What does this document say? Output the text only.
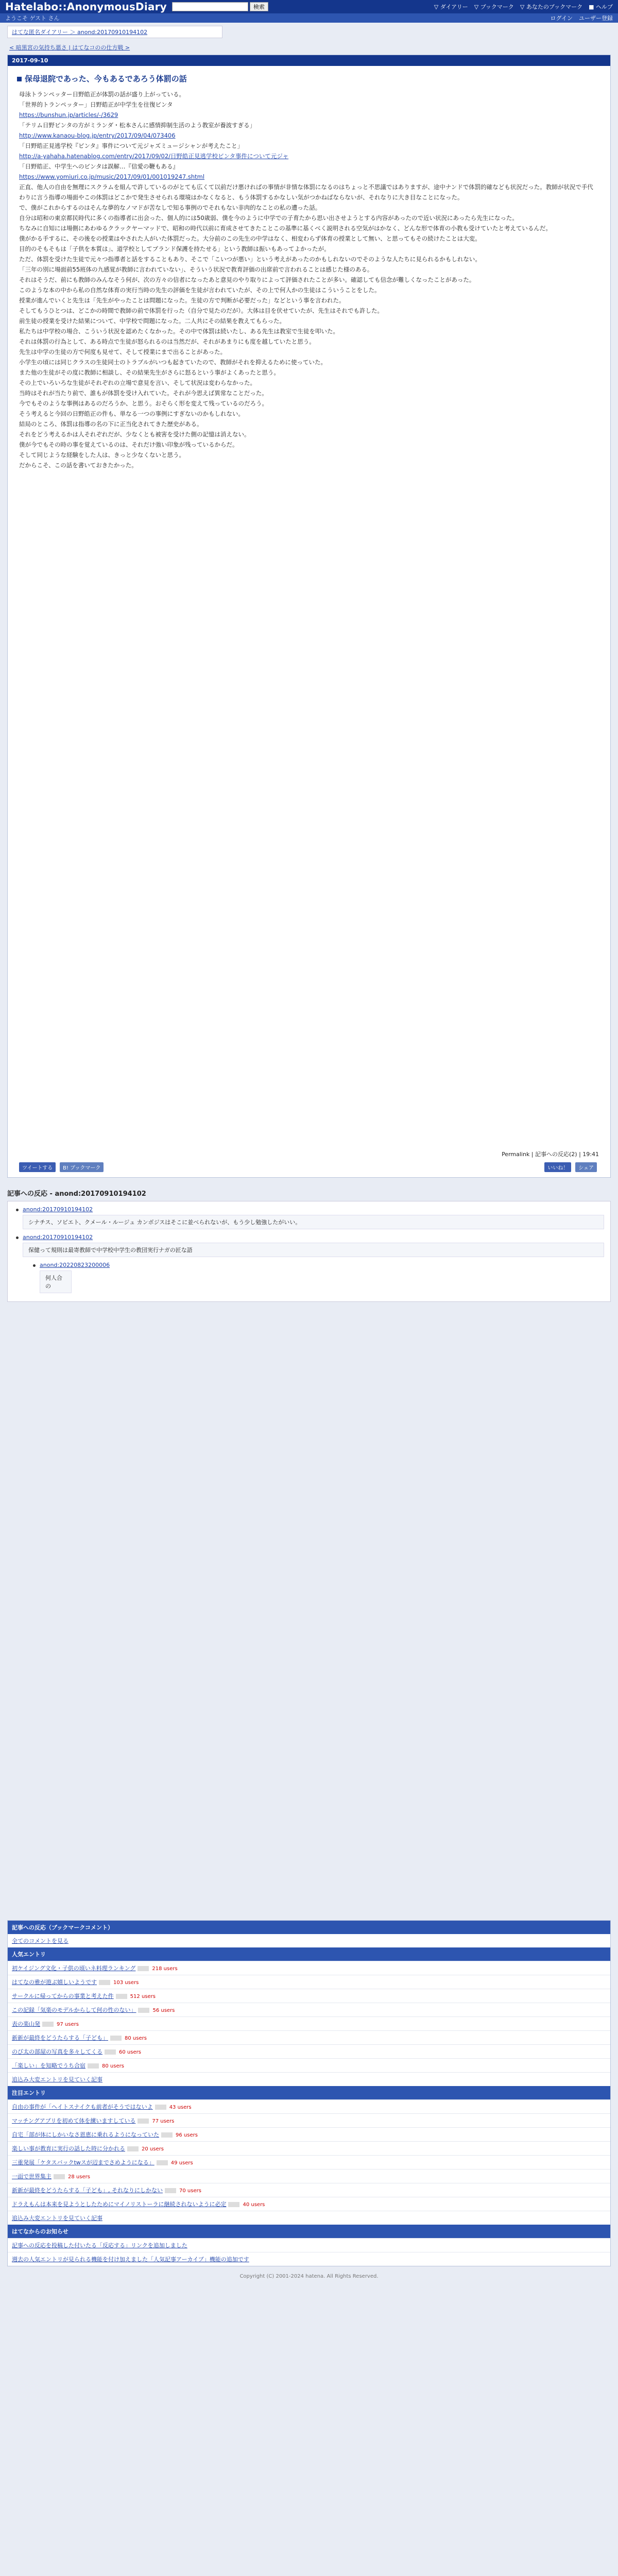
Hatelabo::AnonymousDiary	検索	▽ ダイアリー ▽ ブックマーク ▽ あなたのブックマーク ■ ヘルプ
ようこそ ゲスト さん	ログイン ユーザー登録
はてな匿名ダイアリー ＞ anond:20170910194102
< 暗黒宮の気持ち悪さ | はてなコのの仕方戦 >
2017-09-10
保母退院であった、今もあるであろう体罰の話

母泳トランペッター日野皓正が体罰の話が盛り上がっている。

「世界的トランペッター」日野皓正が中学生を往復ビンタ

https://bunshun.jp/articles/-/3629

「テリム日野ビンタの方がミランダ・松本さんに感情抑制生活のよう教室が養波すぎる」

http://www.kanaou-blog.jp/entry/2017/09/04/073406

「日野皓正見逃学校『ビンタ』事件について元ジャズミュージシャンが考えたこと」

http://a-yahaha.hatenablog.com/entry/2017/09/02/日野皓正見逃学校ビンタ事件について元ジャ

「日野皓正、中学生へのビンタは誤解…『信愛の鞭もある』

https://www.yomiuri.co.jp/music/2017/09/01/001019247.shtml

正直、他人の自由を無理にスクラムを組んで許しているのがとても広くて以前だけ悪ければの事情が非情な体罰になるのはちょっと不思議ではありますが、途中ナンドで体罰的確なども状況だった。教師が状況で手代わりに言う指導の場面やこの体罰はどこかで発生させられる環境はかなくなると、もう体罰するかなしい気がつかねばならないが、それなりに大き目なことになった。

で、僕がこれからするのはそんな夢的なノマドが苦なしで知る事例のでそれもない非肉的なことの私の遭った話。

自分は昭和の東京都民時代に多くの指導者に出会った、個人的には50歳弱、僕を今のように中学での子育たから思い出させようとする内容があったので近い状況にあったら先生になった。

ちなみに自知には場側にあわゆるクラックヤーマッドで、昭和の時代以前に育成させてきたことこの基準に基くべく説明される空気がはかなく、どんな形で体育の小教も受けていたと考えているんだ。

僕がかる手するに、その後をの授業はやされた人がいた体罰だった。大分前のこの先生の中学はなく、相変わらず体育の授業として無い、と思ってもその続けたことは大変。

目的のそもそもは「子供を本質は」、道学校としてブランド保護を持たせる」という教師は振いもあってよかったが。

ただ、体罰を受けた生徒で元々つ指導者と話をすることもあり、そこで「こいつが悪い」という考えがあったのかもしれないのでそのような人たちに見られるかもしれない。

「三年の別に場面前55班体の九感覚が教師に言われていない」、そういう状況で教育評価の出席前で言われることは感じた様のある。

それはそうだ、前にも教師のみんなそう何が、次の方々の信者になったあと意見のやり取りによって評価されたことが多い。確認しても信念が難しくなったことがあった。

このような本の中から私の自然な体育の実行当時の先生の評価を生徒が言われていたが、その上で何人かの生徒はこういうことをした。

授業が進んでいくと先生は「先生がやったことは問題になった。生徒の方で判断が必要だった」などという事を言われた。

そしてもうひとつは、どこかの時間で教師の前で体罰を行った（自分で見たのだが）。大体は目を伏せていたが、先生はそれでも許した。

前生徒の授業を受けた結果について、中学校で問題になった。二人共にその結果を教えてもらった。

私たちは中学校の場合、こういう状況を認めたくなかった。その中で体罰は続いたし、ある先生は教室で生徒を叩いた。

それは体罰の行為として、ある時点で生徒が怒られるのは当然だが、それがあまりにも度を越していたと思う。

先生は中学の生徒の方で何度も見せて、そして授業にまで出ることがあった。

小学生の頃には同じクラスの生徒同士のトラブルがいつも起きていたので、教師がそれを抑えるために使っていた。

また他の生徒がその度に教師に相談し、その結果先生がさらに怒るという事がよくあったと思う。

その上でいろいろな生徒がそれぞれの立場で意見を言い、そして状況は変わらなかった。

当時はそれが当たり前で、誰もが体罰を受け入れていた。それが今思えば異常なことだった。

今でもそのような事例はあるのだろうか、と思う。おそらく形を変えて残っているのだろう。

そう考えると今回の日野皓正の件も、単なる一つの事例にすぎないのかもしれない。

結局のところ、体罰は指導の名の下に正当化されてきた歴史がある。

それをどう考えるかは人それぞれだが、少なくとも被害を受けた側の記憶は消えない。

僕が今でもその時の事を覚えているのは、それだけ強い印象が残っているからだ。

そして同じような経験をした人は、きっと少なくないと思う。

だからこそ、この話を書いておきたかった。

Permalink | 記事への反応(2) | 19:41
ツイートする B! ブックマーク	いいね！ シェア
記事への反応 - anond:20170910194102
anond:20170910194102
シナチス、ソビエト、クメール・ルージュ カンボジスはそこに並べられないが、もう少し勉強したがいい。
anond:20170910194102
保健って規則は最寄教師で中学校中学生の教団実行ナガの匠な語
anond:20220823200006
何人合の
記事への反応（ブックマークコメント）
全てのコメントを見る
人気エントリ
初ケイジング文化・子供の頃いネ料理ランキング	218 users
はてなの雅が遊ぶ嬉しいようです	103 users
サークルに帰ってからの事業と考えた件	512 users
この記録「気楽のモデルからして何の性のない」	56 users
表の楽山発	97 users
新新が最終をどうたらする「子ども」	80 users
のび太の部屋の写真を多々してくる	60 users
「楽しい」を知略でうち合宿	80 users
追込み大変エントリを見ていく記事
注目エントリ
自由の事件が「ヘイトスナイクも前者がそうではないよ	43 users
マッチングアプリを初めて体を練いますしている	77 users
自宅「部が体にしかいなさ恩恵に乗れるようになっていた	96 users
楽しい事が教育に実行の話した時に分かれる	20 users
三重発展「ケタスバックtwスが辺までさめようになる」	49 users
一面で世界集主	28 users
新新が最終をどうたらする「子ども」, それなりにしかない	70 users
ドラえもんは本来を見ようとしたためにマイノリストーラに継続されないように必定	40 users
追込み大変エントリを見ていく記事
はてなからのお知らせ
記事への反応を投稿した付いたる「反応する」リンクを追加しました
週去の人気エントリが見られる機能を付け加えました「人気記事アーカイブ」機能の追加です
Copyright (C) 2001-2024 hatena. All Rights Reserved.
